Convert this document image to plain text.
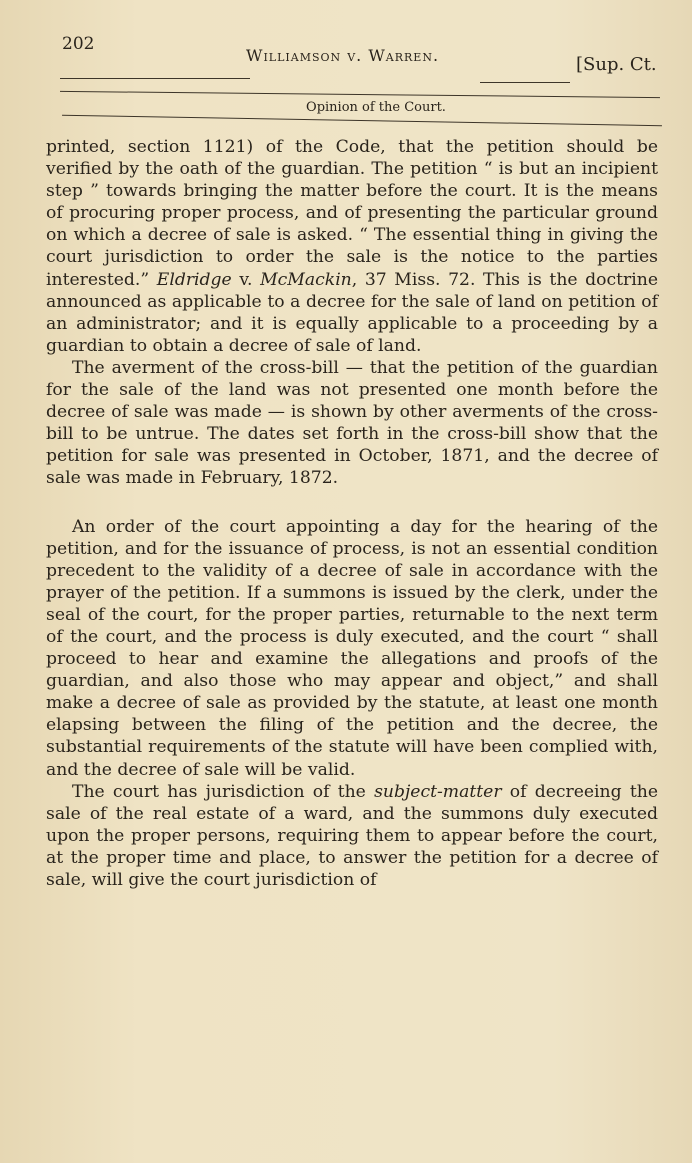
202
Williamson v. Warren.	[Sup. Ct.
Opinion of the Court.

printed, section 1121) of the Code, that the petition should be verified by the oath of the guardian. The petition “ is but an incipient step ” towards bringing the matter before the court. It is the means of procuring proper process, and of presenting the particular ground on which a decree of sale is asked. “ The essential thing in giving the court jurisdiction to order the sale is the notice to the parties interested.” Eldridge v. McMackin, 37 Miss. 72. This is the doctrine announced as applicable to a decree for the sale of land on petition of an administrator; and it is equally applicable to a proceeding by a guardian to obtain a decree of sale of land.

The averment of the cross-bill — that the petition of the guardian for the sale of the land was not presented one month before the decree of sale was made — is shown by other averments of the cross-bill to be untrue. The dates set forth in the cross-bill show that the petition for sale was presented in October, 1871, and the decree of sale was made in February, 1872.

An order of the court appointing a day for the hearing of the petition, and for the issuance of process, is not an essential condition precedent to the validity of a decree of sale in accordance with the prayer of the petition. If a summons is issued by the clerk, under the seal of the court, for the proper parties, returnable to the next term of the court, and the process is duly executed, and the court “ shall proceed to hear and examine the allegations and proofs of the guardian, and also those who may appear and object,” and shall make a decree of sale as provided by the statute, at least one month elapsing between the filing of the petition and the decree, the substantial requirements of the statute will have been complied with, and the decree of sale will be valid.

The court has jurisdiction of the subject-matter of decreeing the sale of the real estate of a ward, and the summons duly executed upon the proper persons, requiring them to appear before the court, at the proper time and place, to answer the petition for a decree of sale, will give the court jurisdiction of
